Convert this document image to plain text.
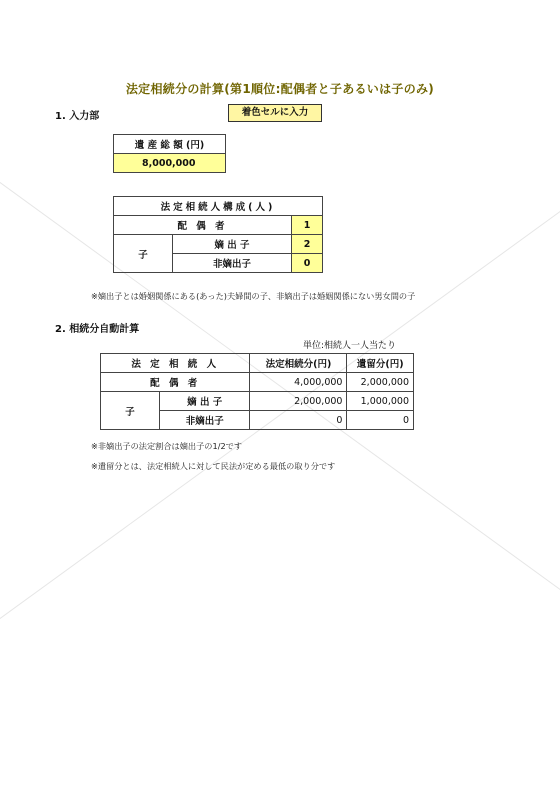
法定相続分の計算(第1順位:配偶者と子あるいは子のみ)
1. 入力部	着色セルに入力
遺 産 総 額 (円)
8,000,000
法定相続人構成(人)		
配 偶 者		1
子	嫡 出 子	2
	非嫡出子	0
※嫡出子とは婚姻関係にある(あった)夫婦間の子、非嫡出子は婚姻関係にない男女間の子
2. 相続分自動計算
単位:相続人一人当たり
法 定 相 続 人		法定相続分(円)	遺留分(円)
配 偶 者		4,000,000	2,000,000
子	嫡 出 子	2,000,000	1,000,000
	非嫡出子	0	0
※非嫡出子の法定割合は嫡出子の1/2です
※遺留分とは、法定相続人に対して民法が定める最低の取り分です
